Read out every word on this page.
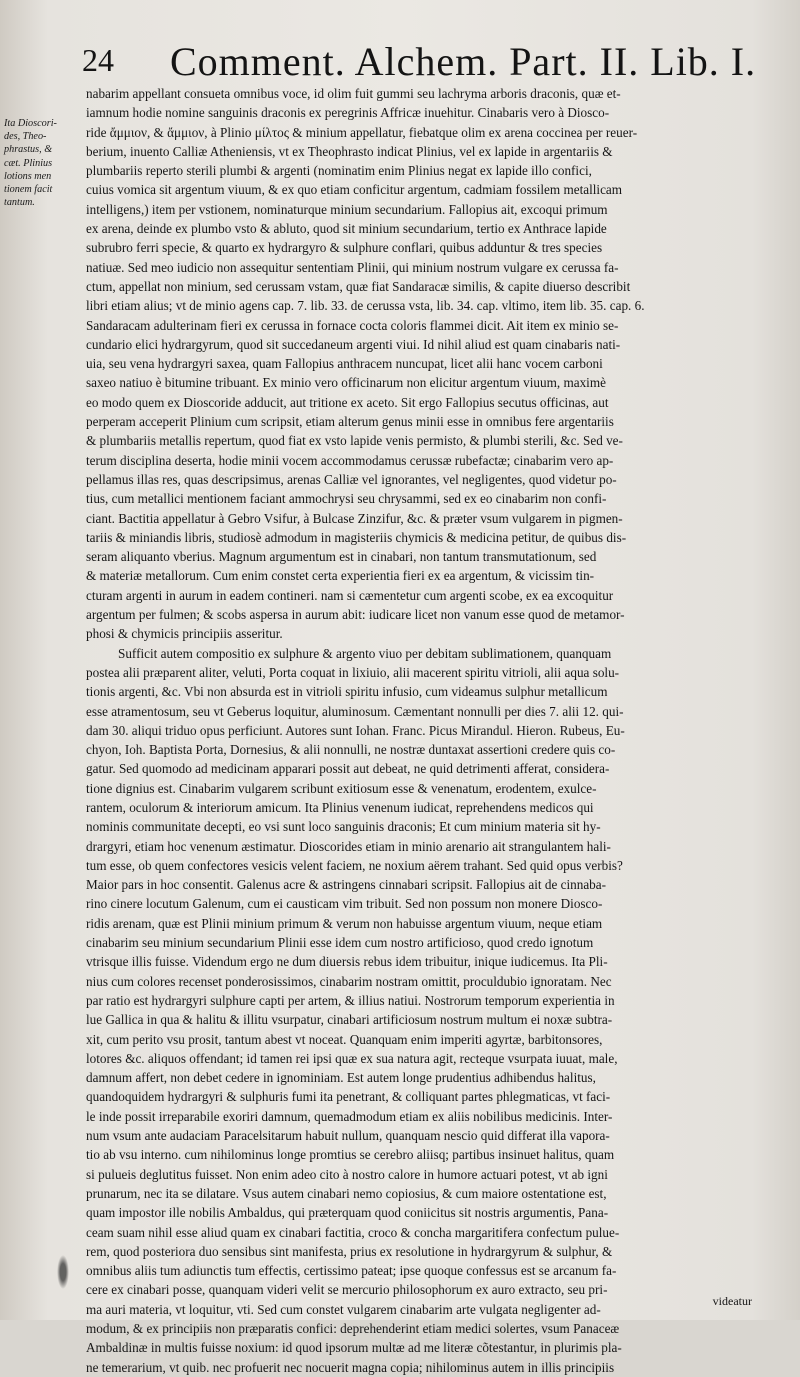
24 Comment. Alchem. Part. II. Lib. I.
Ita Dioscori-
des, Theo-
phrastus, &
cæt. Plinius
lotions men
tionem facit
tantum.
nabarim appellant consueta omnibus voce, id olim fuit gummi seu lachryma arboris draconis, quæ et-
iamnum hodie nomine sanguinis draconis ex peregrinis Affricæ inuehitur. Cinabaris vero à Diosco-
ride ἄμμιον, & ἄμμιον, à Plinio μίλτος & minium appellatur, fiebatque olim ex arena coccinea per reuer-
berium, inuento Calliæ Atheniensis, vt ex Theophrasto indicat Plinius, vel ex lapide in argentariis &
plumbariis reperto sterili plumbi & argenti (nominatim enim Plinius negat ex lapide illo confici,
cuius vomica sit argentum viuum, & ex quo etiam conficitur argentum, cadmiam fossilem metallicam
intelligens,) item per vstionem, nominaturque minium secundarium. Fallopius ait, excoqui primum
ex arena, deinde ex plumbo vsto & abluto, quod sit minium secundarium, tertio ex Anthrace lapide
subrubro ferri specie, & quarto ex hydrargyro & sulphure conflari, quibus adduntur & tres species
natiuæ. Sed meo iudicio non assequitur sententiam Plinii, qui minium nostrum vulgare ex cerussa fa-
ctum, appellat non minium, sed cerussam vstam, quæ fiat Sandaracæ similis, & capite diuerso describit
libri etiam alius; vt de minio agens cap. 7. lib. 33. de cerussa vsta, lib. 34. cap. vltimo, item lib. 35. cap. 6.
Sandaracam adulterinam fieri ex cerussa in fornace cocta coloris flammei dicit. Ait item ex minio se-
cundario elici hydrargyrum, quod sit succedaneum argenti viui. Id nihil aliud est quam cinabaris nati-
uia, seu vena hydrargyri saxea, quam Fallopius anthracem nuncupat, licet alii hanc vocem carboni
saxeo natiuo è bitumine tribuant. Ex minio vero officinarum non elicitur argentum viuum, maximè
eo modo quem ex Dioscoride adducit, aut tritione ex aceto. Sit ergo Fallopius secutus officinas, aut
perperam acceperit Plinium cum scripsit, etiam alterum genus minii esse in omnibus fere argentariis
& plumbariis metallis repertum, quod fiat ex vsto lapide venis permisto, & plumbi sterili, &c. Sed ve-
terum disciplina deserta, hodie minii vocem accommodamus cerussæ rubefactæ; cinabarim vero ap-
pellamus illas res, quas descripsimus, arenas Calliæ vel ignorantes, vel negligentes, quod videtur po-
tius, cum metallici mentionem faciant ammochrysi seu chrysammi, sed ex eo cinabarim non confi-
ciant. Bactitia appellatur à Gebro Vsifur, à Bulcase Zinzifur, &c. & præter vsum vulgarem in pigmen-
tariis & miniandis libris, studiosè admodum in magisteriis chymicis & medicina petitur, de quibus dis-
seram aliquanto vberius. Magnum argumentum est in cinabari, non tantum transmutationum, sed
& materiæ metallorum. Cum enim constet certa experientia fieri ex ea argentum, & vicissim tin-
cturam argenti in aurum in eadem contineri. nam si cæmentetur cum argenti scobe, ex ea excoquitur
argentum per fulmen; & scobs aspersa in aurum abit: iudicare licet non vanum esse quod de metamor-
phosi & chymicis principiis asseritur.
Sufficit autem compositio ex sulphure & argento viuo per debitam sublimationem, quanquam
postea alii præparent aliter, veluti, Porta coquat in lixiuio, alii macerent spiritu vitrioli, alii aqua solu-
tionis argenti, &c. Vbi non absurda est in vitrioli spiritu infusio, cum videamus sulphur metallicum
esse atramentosum, seu vt Geberus loquitur, aluminosum. Cæmentant nonnulli per dies 7. alii 12. qui-
dam 30. aliqui triduo opus perficiunt. Autores sunt Iohan. Franc. Picus Mirandul. Hieron. Rubeus, Eu-
chyon, Ioh. Baptista Porta, Dornesius, & alii nonnulli, ne nostræ duntaxat assertioni credere quis co-
gatur. Sed quomodo ad medicinam apparari possit aut debeat, ne quid detrimenti afferat, considera-
tione dignius est. Cinabarim vulgarem scribunt exitiosum esse & venenatum, erodentem, exulce-
rantem, oculorum & interiorum amicum. Ita Plinius venenum iudicat, reprehendens medicos qui
nominis communitate decepti, eo vsi sunt loco sanguinis draconis; Et cum minium materia sit hy-
drargyri, etiam hoc venenum æstimatur. Dioscorides etiam in minio arenario ait strangulantem hali-
tum esse, ob quem confectores vesicis velent faciem, ne noxium aërem trahant. Sed quid opus verbis?
Maior pars in hoc consentit. Galenus acre & astringens cinnabari scripsit. Fallopius ait de cinnaba-
rino cinere locutum Galenum, cum ei causticam vim tribuit. Sed non possum non monere Diosco-
ridis arenam, quæ est Plinii minium primum & verum non habuisse argentum viuum, neque etiam
cinabarim seu minium secundarium Plinii esse idem cum nostro artificioso, quod credo ignotum
vtrisque illis fuisse. Videndum ergo ne dum diuersis rebus idem tribuitur, inique iudicemus. Ita Pli-
nius cum colores recenset ponderosissimos, cinabarim nostram omittit, proculdubio ignoratam. Nec
par ratio est hydrargyri sulphure capti per artem, & illius natiui. Nostrorum temporum experientia in
lue Gallica in qua & halitu & illitu vsurpatur, cinabari artificiosum nostrum multum ei noxæ subtra-
xit, cum perito vsu prosit, tantum abest vt noceat. Quanquam enim imperiti agyrtæ, barbitonsores,
lotores &c. aliquos offendant; id tamen rei ipsi quæ ex sua natura agit, recteque vsurpata iuuat, male,
damnum affert, non debet cedere in ignominiam. Est autem longe prudentius adhibendus halitus,
quandoquidem hydrargyri & sulphuris fumi ita penetrant, & colliquant partes phlegmaticas, vt faci-
le inde possit irreparabile exoriri damnum, quemadmodum etiam ex aliis nobilibus medicinis. Inter-
num vsum ante audaciam Paracelsitarum habuit nullum, quanquam nescio quid differat illa vapora-
tio ab vsu interno. cum nihilominus longe promtius se cerebro aliisq; partibus insinuet halitus, quam
si pulueis deglutitus fuisset. Non enim adeo cito à nostro calore in humore actuari potest, vt ab igni
prunarum, nec ita se dilatare. Vsus autem cinabari nemo copiosius, & cum maiore ostentatione est,
quam impostor ille nobilis Ambaldus, qui præterquam quod coniicitus sit nostris argumentis, Pana-
ceam suam nihil esse aliud quam ex cinabari factitia, croco & concha margaritifera confectum pulue-
rem, quod posteriora duo sensibus sint manifesta, prius ex resolutione in hydrargyrum & sulphur, &
omnibus aliis tum adiunctis tum effectis, certissimo pateat; ipse quoque confessus est se arcanum fa-
cere ex cinabari posse, quanquam videri velit se mercurio philosophorum ex auro extracto, seu pri-
ma auri materia, vt loquitur, vti. Sed cum constet vulgarem cinabarim arte vulgata negligenter ad-
modum, & ex principiis non præparatis confici: deprehenderint etiam medici solertes, vsum Panaceæ
Ambaldinæ in multis fuisse noxium: id quod ipsorum multæ ad me literæ cõtestantur, in plurimis pla-
ne temerarium, vt quib. nec profuerit nec nocuerit magna copia; nihilominus autem in illis principiis
videatur
